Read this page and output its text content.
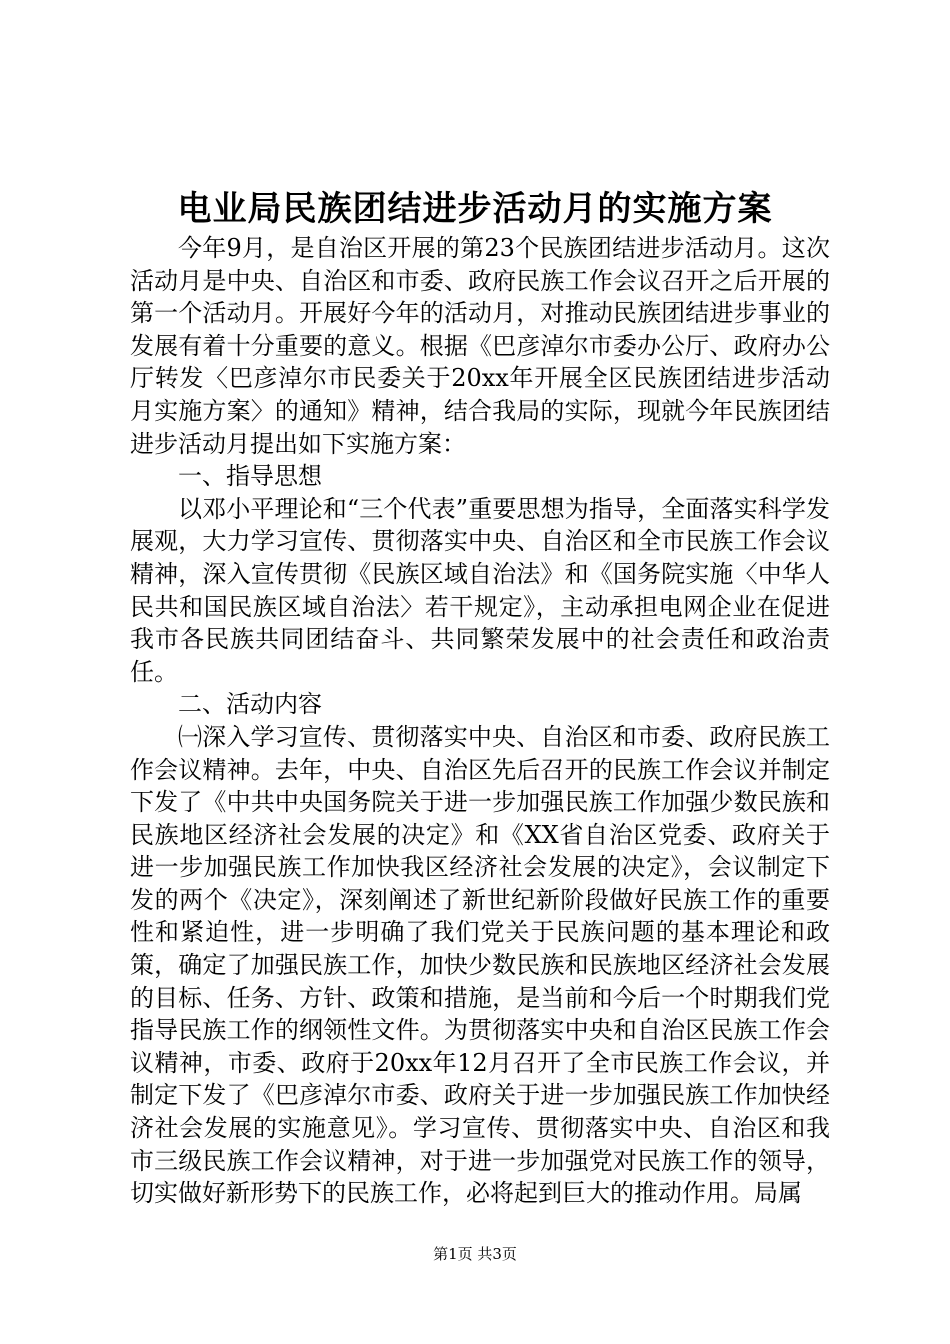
电业局民族团结进步活动月的实施方案

今年9月，是自治区开展的第23个民族团结进步活动月。这次活动月是中央、自治区和市委、政府民族工作会议召开之后开展的第一个活动月。开展好今年的活动月，对推动民族团结进步事业的发展有着十分重要的意义。根据《巴彦淖尔市委办公厅、政府办公厅转发〈巴彦淖尔市民委关于20xx年开展全区民族团结进步活动月实施方案〉的通知》精神，结合我局的实际，现就今年民族团结进步活动月提出如下实施方案：

一、指导思想

以邓小平理论和“三个代表”重要思想为指导，全面落实科学发展观，大力学习宣传、贯彻落实中央、自治区和全市民族工作会议精神，深入宣传贯彻《民族区域自治法》和《国务院实施〈中华人民共和国民族区域自治法〉若干规定》，主动承担电网企业在促进我市各民族共同团结奋斗、共同繁荣发展中的社会责任和政治责任。

二、活动内容

㈠深入学习宣传、贯彻落实中央、自治区和市委、政府民族工作会议精神。去年，中央、自治区先后召开的民族工作会议并制定下发了《中共中央国务院关于进一步加强民族工作加强少数民族和民族地区经济社会发展的决定》和《XX省自治区党委、政府关于进一步加强民族工作加快我区经济社会发展的决定》，会议制定下发的两个《决定》，深刻阐述了新世纪新阶段做好民族工作的重要性和紧迫性，进一步明确了我们党关于民族问题的基本理论和政策，确定了加强民族工作，加快少数民族和民族地区经济社会发展的目标、任务、方针、政策和措施，是当前和今后一个时期我们党指导民族工作的纲领性文件。为贯彻落实中央和自治区民族工作会议精神，市委、政府于20xx年12月召开了全市民族工作会议，并制定下发了《巴彦淖尔市委、政府关于进一步加强民族工作加快经济社会发展的实施意见》。学习宣传、贯彻落实中央、自治区和我市三级民族工作会议精神，对于进一步加强党对民族工作的领导，切实做好新形势下的民族工作，必将起到巨大的推动作用。局属

第1页 共3页
